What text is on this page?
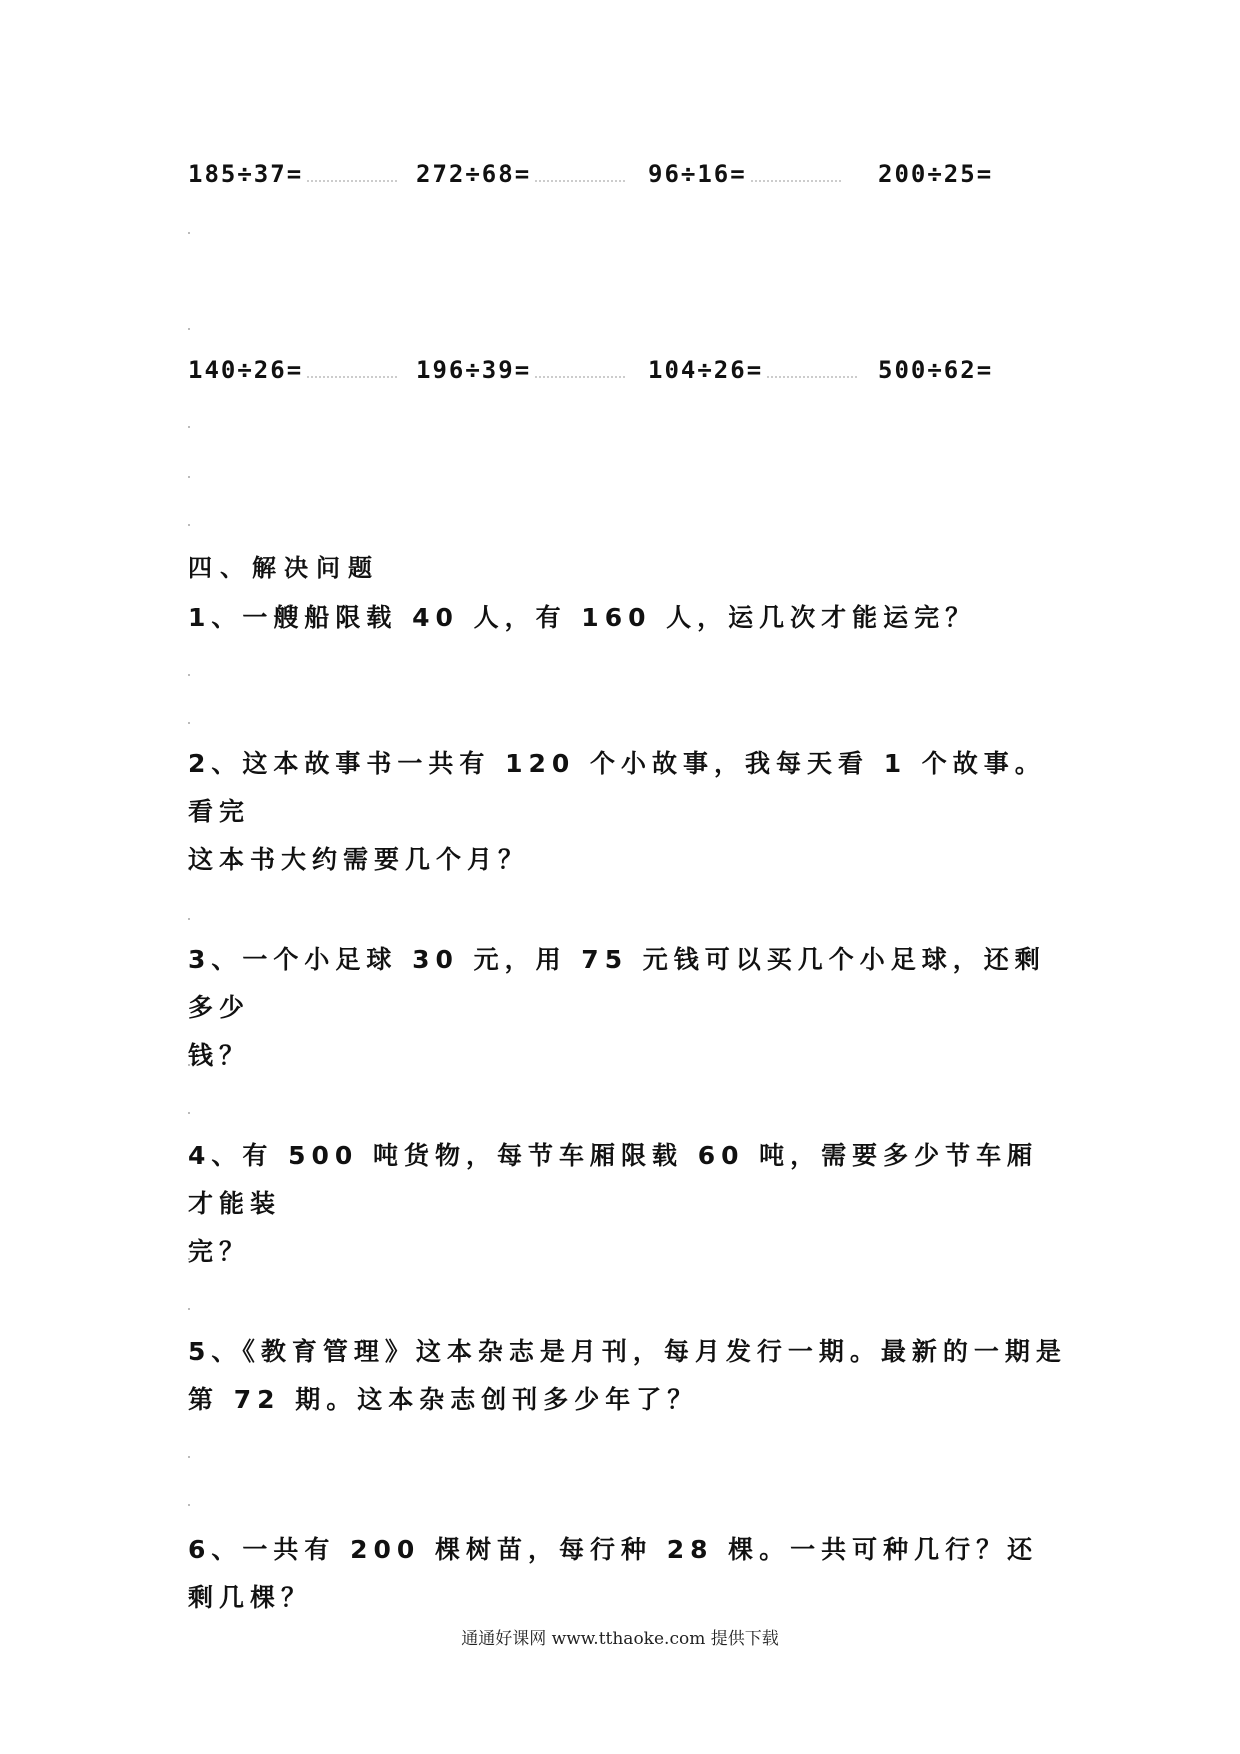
185÷37=	272÷68=	96÷16=	200÷25=
140÷26=	196÷39=	104÷26=	500÷62=
四、解决问题
1、一艘船限载 40 人，有 160 人，运几次才能运完？
2、这本故事书一共有 120 个小故事，我每天看 1 个故事。看完
这本书大约需要几个月？
3、一个小足球 30 元，用 75 元钱可以买几个小足球，还剩多少
钱？
4、有 500 吨货物，每节车厢限载 60 吨，需要多少节车厢才能装
完？
5、《教育管理》这本杂志是月刊，每月发行一期。最新的一期是
第 72 期。这本杂志创刊多少年了？
6、一共有 200 棵树苗，每行种 28 棵。一共可种几行？还剩几棵？
通通好课网 www.tthaoke.com 提供下载
